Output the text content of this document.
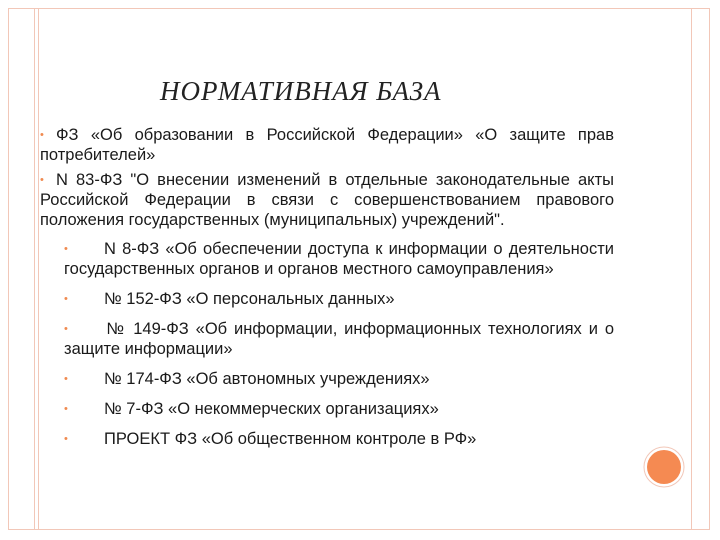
НОРМАТИВНАЯ БАЗА
• ФЗ «Об образовании в Российской Федерации» «О защите прав потребителей»
• N 83-ФЗ "О внесении изменений в отдельные законодательные акты Российской Федерации в связи с совершенствованием правового положения государственных (муниципальных) учреждений".
• N 8-ФЗ «Об обеспечении доступа к информации о деятельности государственных органов и органов местного самоуправления»
• № 152-ФЗ «О персональных данных»
• № 149-ФЗ «Об информации, информационных технологиях и о защите информации»
• № 174-ФЗ «Об автономных учреждениях»
• № 7-ФЗ «О некоммерческих организациях»
• ПРОЕКТ ФЗ «Об общественном контроле в РФ»
